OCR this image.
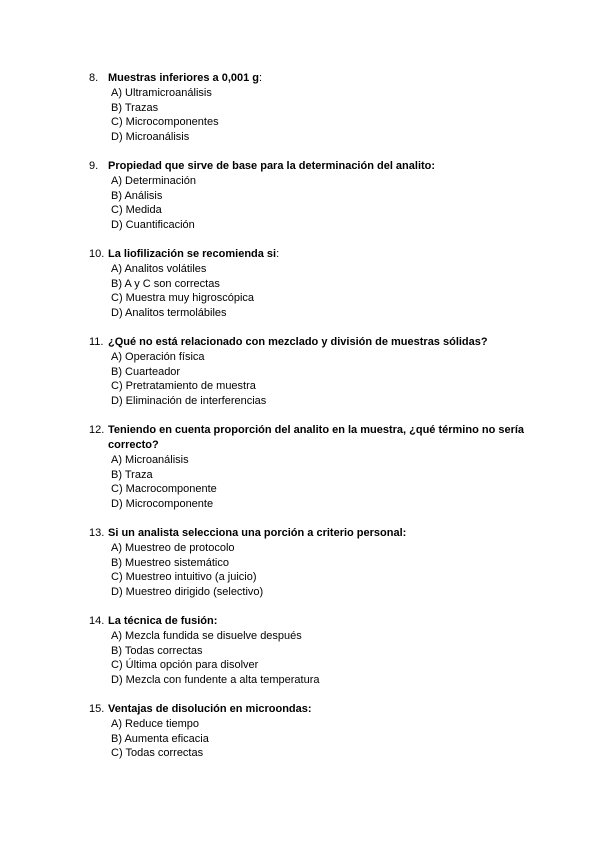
8. Muestras inferiores a 0,001 g:
A) Ultramicroanálisis
B) Trazas
C) Microcomponentes
D) Microanálisis
9. Propiedad que sirve de base para la determinación del analito:
A) Determinación
B) Análisis
C) Medida
D) Cuantificación
10. La liofilización se recomienda si:
A) Analitos volátiles
B) A y C son correctas
C) Muestra muy higroscópica
D) Analitos termolábiles
11. ¿Qué no está relacionado con mezclado y división de muestras sólidas?
A) Operación física
B) Cuarteador
C) Pretratamiento de muestra
D) Eliminación de interferencias
12. Teniendo en cuenta proporción del analito en la muestra, ¿qué término no sería correcto?
A) Microanálisis
B) Traza
C) Macrocomponente
D) Microcomponente
13. Si un analista selecciona una porción a criterio personal:
A) Muestreo de protocolo
B) Muestreo sistemático
C) Muestreo intuitivo (a juicio)
D) Muestreo dirigido (selectivo)
14. La técnica de fusión:
A) Mezcla fundida se disuelve después
B) Todas correctas
C) Última opción para disolver
D) Mezcla con fundente a alta temperatura
15. Ventajas de disolución en microondas:
A) Reduce tiempo
B) Aumenta eficacia
C) Todas correctas
